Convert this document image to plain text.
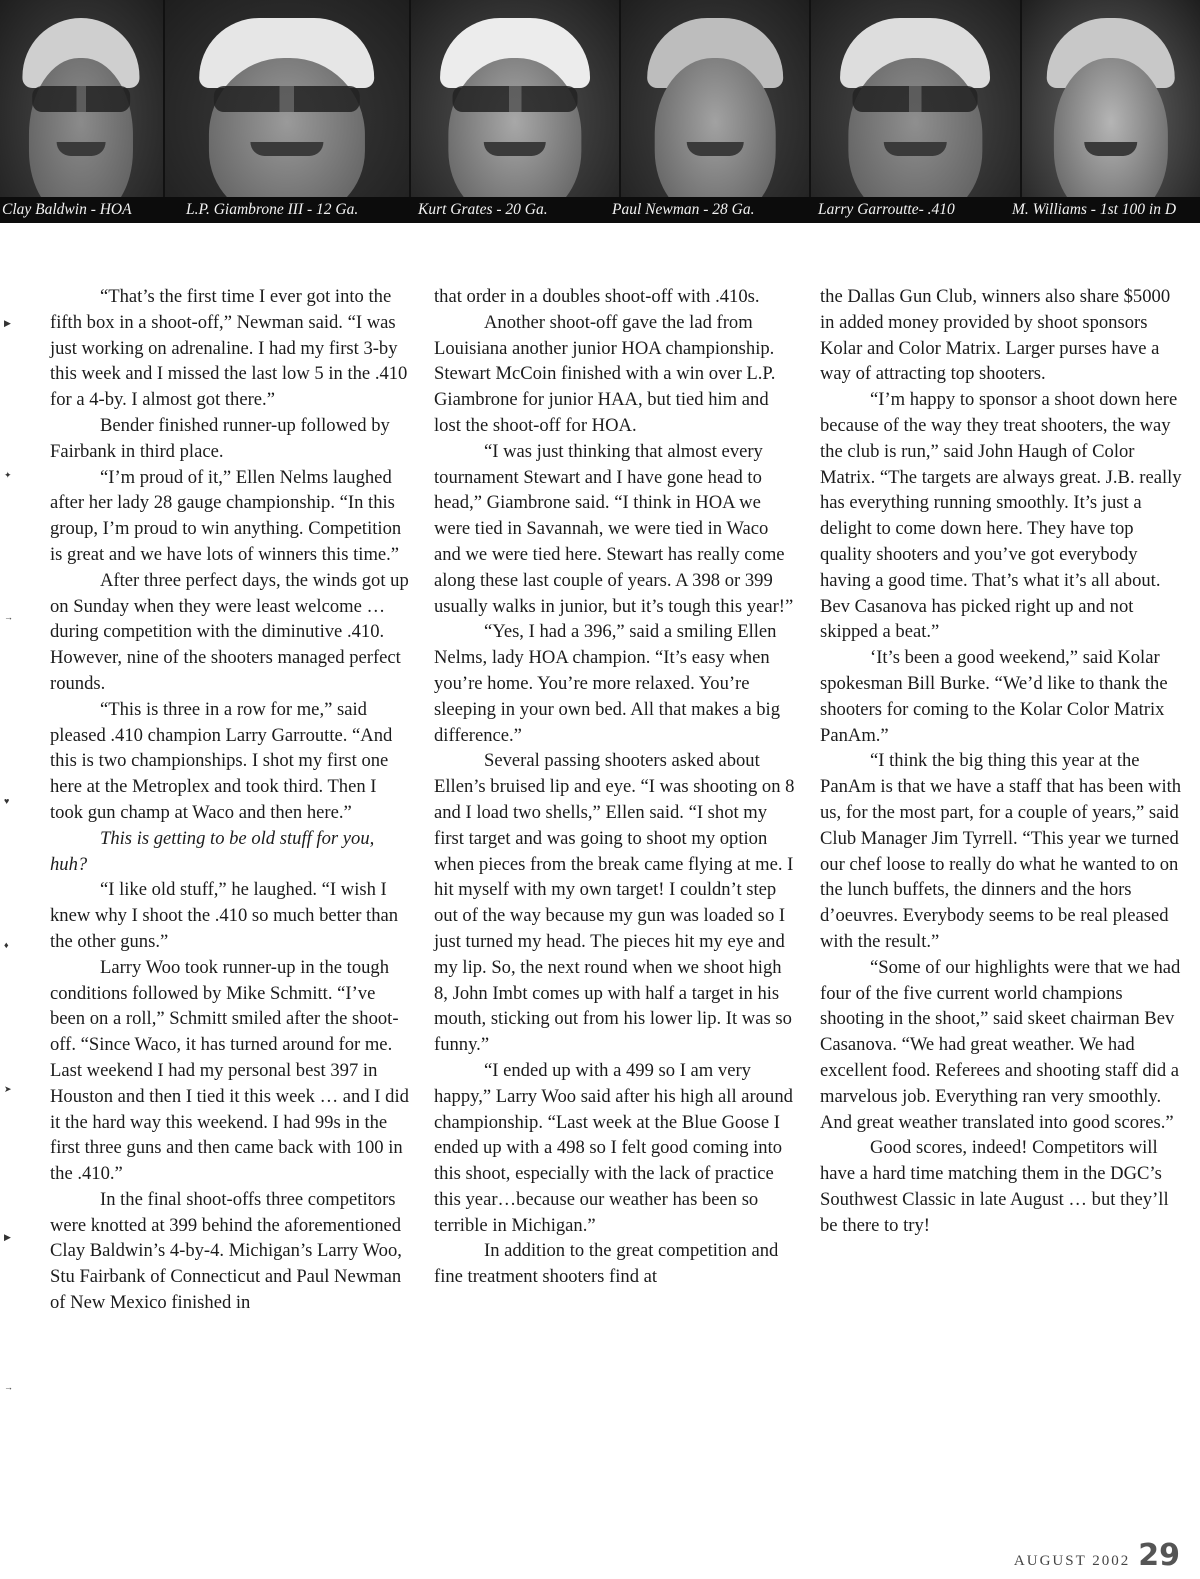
Clay Baldwin - HOA	L.P. Giambrone III - 12 Ga.	Kurt Grates - 20 Ga.	Paul Newman - 28 Ga.	Larry Garroutte- .410	M. Williams - 1st 100 in D
▶
✦
→
♥
♦
➤
▶
→

“That’s the first time I ever got into the fifth box in a shoot-off,” Newman said. “I was just working on adrenaline. I had my first 3-by this week and I missed the last low 5 in the .410 for a 4-by. I almost got there.”

Bender finished runner-up followed by Fairbank in third place.

“I’m proud of it,” Ellen Nelms laughed after her lady 28 gauge championship. “In this group, I’m proud to win anything. Competition is great and we have lots of winners this time.”

After three perfect days, the winds got up on Sunday when they were least welcome … during competition with the diminutive .410. However, nine of the shooters managed perfect rounds.

“This is three in a row for me,” said pleased .410 champion Larry Garroutte. “And this is two championships. I shot my first one here at the Metroplex and took third. Then I took gun champ at Waco and then here.”

This is getting to be old stuff for you, huh?

“I like old stuff,” he laughed. “I wish I knew why I shoot the .410 so much better than the other guns.”

Larry Woo took runner-up in the tough conditions followed by Mike Schmitt. “I’ve been on a roll,” Schmitt smiled after the shoot-off. “Since Waco, it has turned around for me. Last weekend I had my personal best 397 in Houston and then I tied it this week … and I did it the hard way this weekend. I had 99s in the first three guns and then came back with 100 in the .410.”

In the final shoot-offs three competitors were knotted at 399 behind the aforementioned Clay Baldwin’s 4-by-4. Michigan’s Larry Woo, Stu Fairbank of Connecticut and Paul Newman of New Mexico finished in

that order in a doubles shoot-off with .410s.

Another shoot-off gave the lad from Louisiana another junior HOA championship. Stewart McCoin finished with a win over L.P. Giambrone for junior HAA, but tied him and lost the shoot-off for HOA.

“I was just thinking that almost every tournament Stewart and I have gone head to head,” Giambrone said. “I think in HOA we were tied in Savannah, we were tied in Waco and we were tied here. Stewart has really come along these last couple of years. A 398 or 399 usually walks in junior, but it’s tough this year!”

“Yes, I had a 396,” said a smiling Ellen Nelms, lady HOA champion. “It’s easy when you’re home. You’re more relaxed. You’re sleeping in your own bed. All that makes a big difference.”

Several passing shooters asked about Ellen’s bruised lip and eye. “I was shooting on 8 and I load two shells,” Ellen said. “I shot my first target and was going to shoot my option when pieces from the break came flying at me. I hit myself with my own target! I couldn’t step out of the way because my gun was loaded so I just turned my head. The pieces hit my eye and my lip. So, the next round when we shoot high 8, John Imbt comes up with half a target in his mouth, sticking out from his lower lip. It was so funny.”

“I ended up with a 499 so I am very happy,” Larry Woo said after his high all around championship. “Last week at the Blue Goose I ended up with a 498 so I felt good coming into this shoot, especially with the lack of practice this year…because our weather has been so terrible in Michigan.”

In addition to the great competition and fine treatment shooters find at

the Dallas Gun Club, winners also share $5000 in added money provided by shoot sponsors Kolar and Color Matrix. Larger purses have a way of attracting top shooters.

“I’m happy to sponsor a shoot down here because of the way they treat shooters, the way the club is run,” said John Haugh of Color Matrix. “The targets are always great. J.B. really has everything running smoothly. It’s just a delight to come down here. They have top quality shooters and you’ve got everybody having a good time. That’s what it’s all about. Bev Casanova has picked right up and not skipped a beat.”

‘It’s been a good weekend,” said Kolar spokesman Bill Burke. “We’d like to thank the shooters for coming to the Kolar Color Matrix PanAm.”

“I think the big thing this year at the PanAm is that we have a staff that has been with us, for the most part, for a couple of years,” said Club Manager Jim Tyrrell. “This year we turned our chef loose to really do what he wanted to on the lunch buffets, the dinners and the hors d’oeuvres. Everybody seems to be real pleased with the result.”

“Some of our highlights were that we had four of the five current world champions shooting in the shoot,” said skeet chairman Bev Casanova. “We had great weather. We had excellent food. Referees and shooting staff did a marvelous job. Everything ran very smoothly. And great weather translated into good scores.”

Good scores, indeed! Competitors will have a hard time matching them in the DGC’s Southwest Classic in late August … but they’ll be there to try!

AUGUST 2002 29
